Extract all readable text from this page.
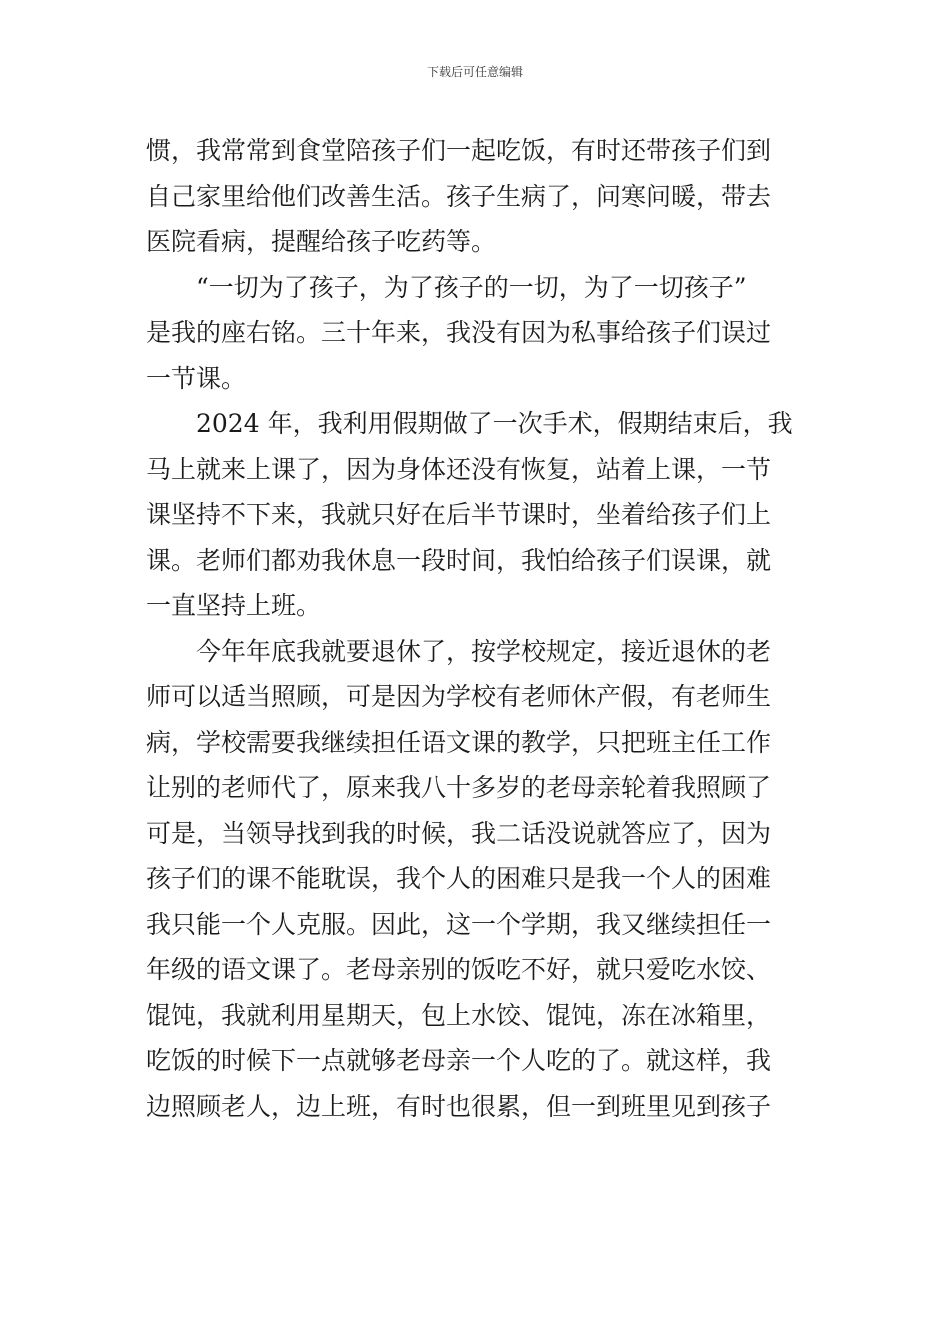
下载后可任意编辑
惯，我常常到食堂陪孩子们一起吃饭，有时还带孩子们到
自己家里给他们改善生活。孩子生病了，问寒问暖，带去
医院看病，提醒给孩子吃药等。
“一切为了孩子，为了孩子的一切，为了一切孩子”
是我的座右铭。三十年来，我没有因为私事给孩子们误过
一节课。
2024 年，我利用假期做了一次手术，假期结束后，我
马上就来上课了，因为身体还没有恢复，站着上课，一节
课坚持不下来，我就只好在后半节课时，坐着给孩子们上
课。老师们都劝我休息一段时间，我怕给孩子们误课，就
一直坚持上班。
今年年底我就要退休了，按学校规定，接近退休的老
师可以适当照顾，可是因为学校有老师休产假，有老师生
病，学校需要我继续担任语文课的教学，只把班主任工作
让别的老师代了，原来我八十多岁的老母亲轮着我照顾了
可是，当领导找到我的时候，我二话没说就答应了，因为
孩子们的课不能耽误，我个人的困难只是我一个人的困难
我只能一个人克服。因此，这一个学期，我又继续担任一
年级的语文课了。老母亲别的饭吃不好，就只爱吃水饺、
馄饨，我就利用星期天，包上水饺、馄饨，冻在冰箱里，
吃饭的时候下一点就够老母亲一个人吃的了。就这样，我
边照顾老人，边上班，有时也很累，但一到班里见到孩子
